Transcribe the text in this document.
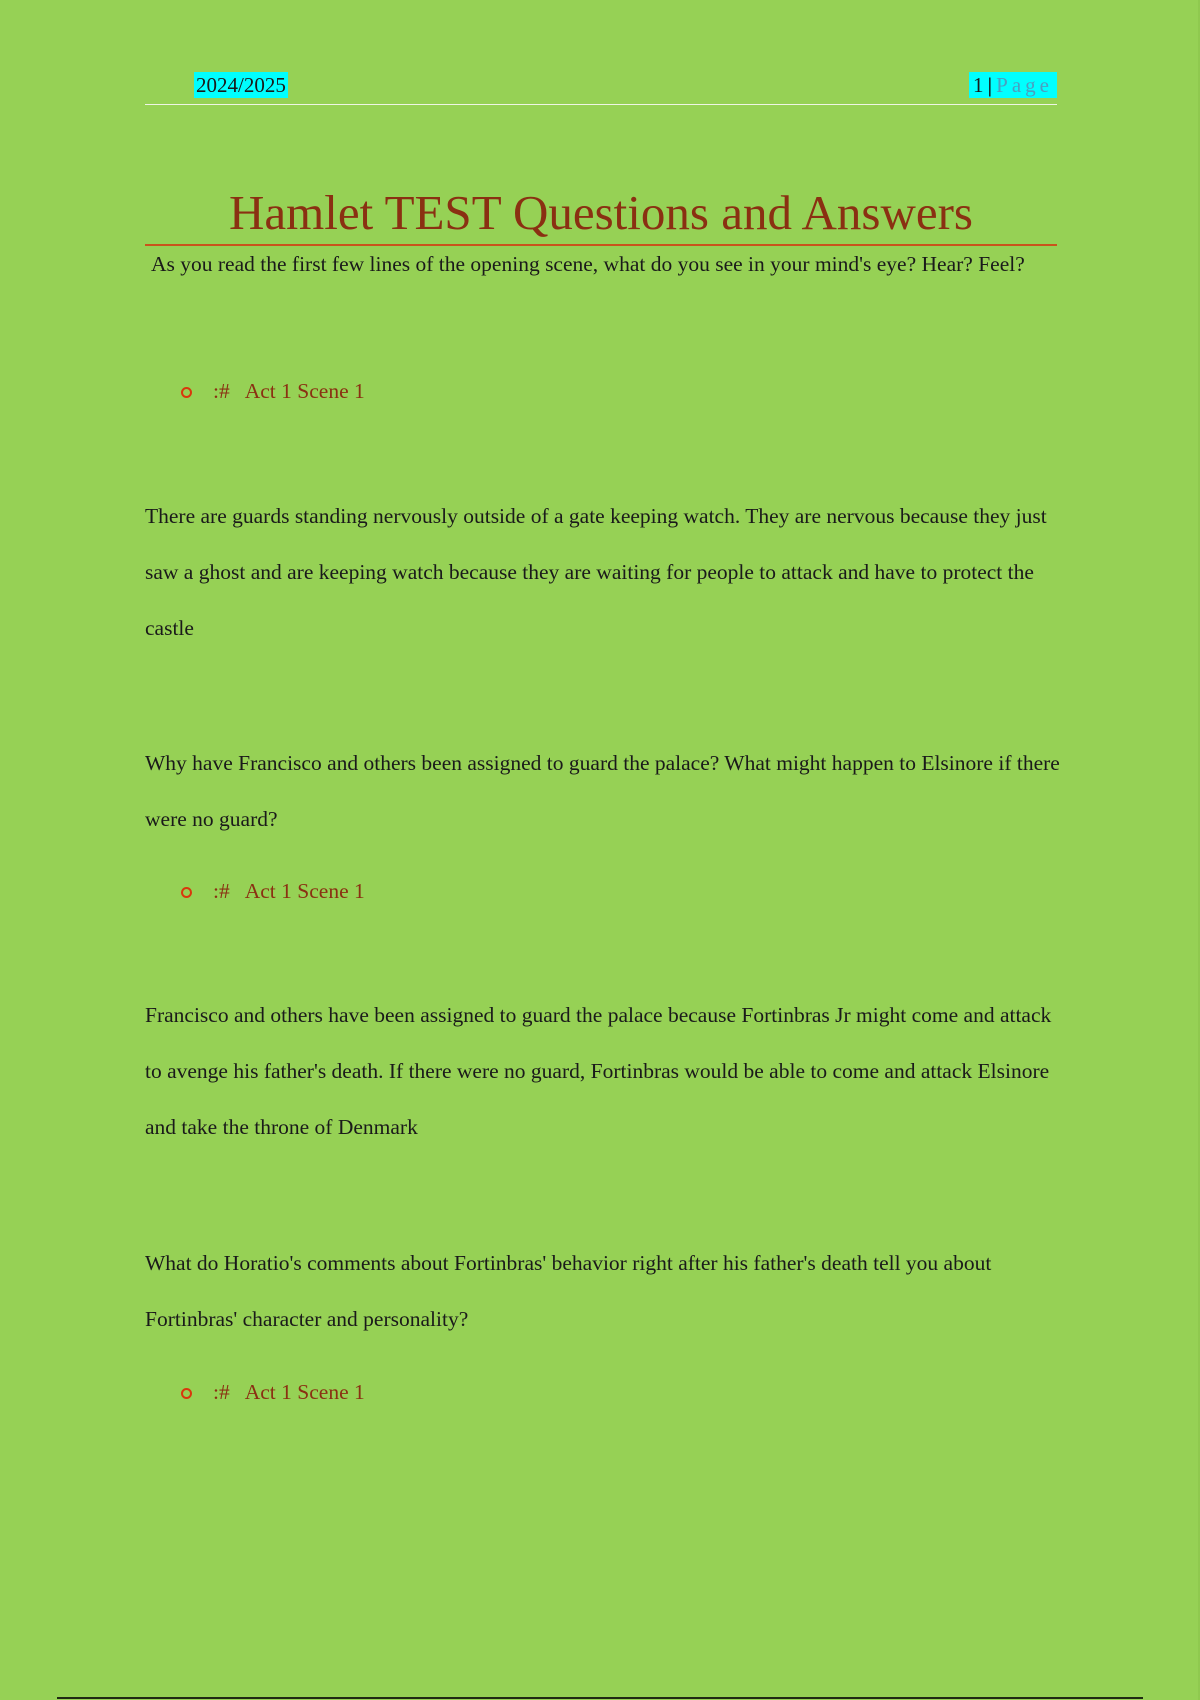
2024/2025	1 | Page
Hamlet TEST Questions and Answers

As you read the first few lines of the opening scene, what do you see in your mind's eye? Hear? Feel?

:# Act 1 Scene 1

There are guards standing nervously outside of a gate keeping watch. They are nervous because they just saw a ghost and are keeping watch because they are waiting for people to attack and have to protect the castle

Why have Francisco and others been assigned to guard the palace? What might happen to Elsinore if there were no guard?

:# Act 1 Scene 1

Francisco and others have been assigned to guard the palace because Fortinbras Jr might come and attack to avenge his father's death. If there were no guard, Fortinbras would be able to come and attack Elsinore and take the throne of Denmark

What do Horatio's comments about Fortinbras' behavior right after his father's death tell you about Fortinbras' character and personality?

:# Act 1 Scene 1
